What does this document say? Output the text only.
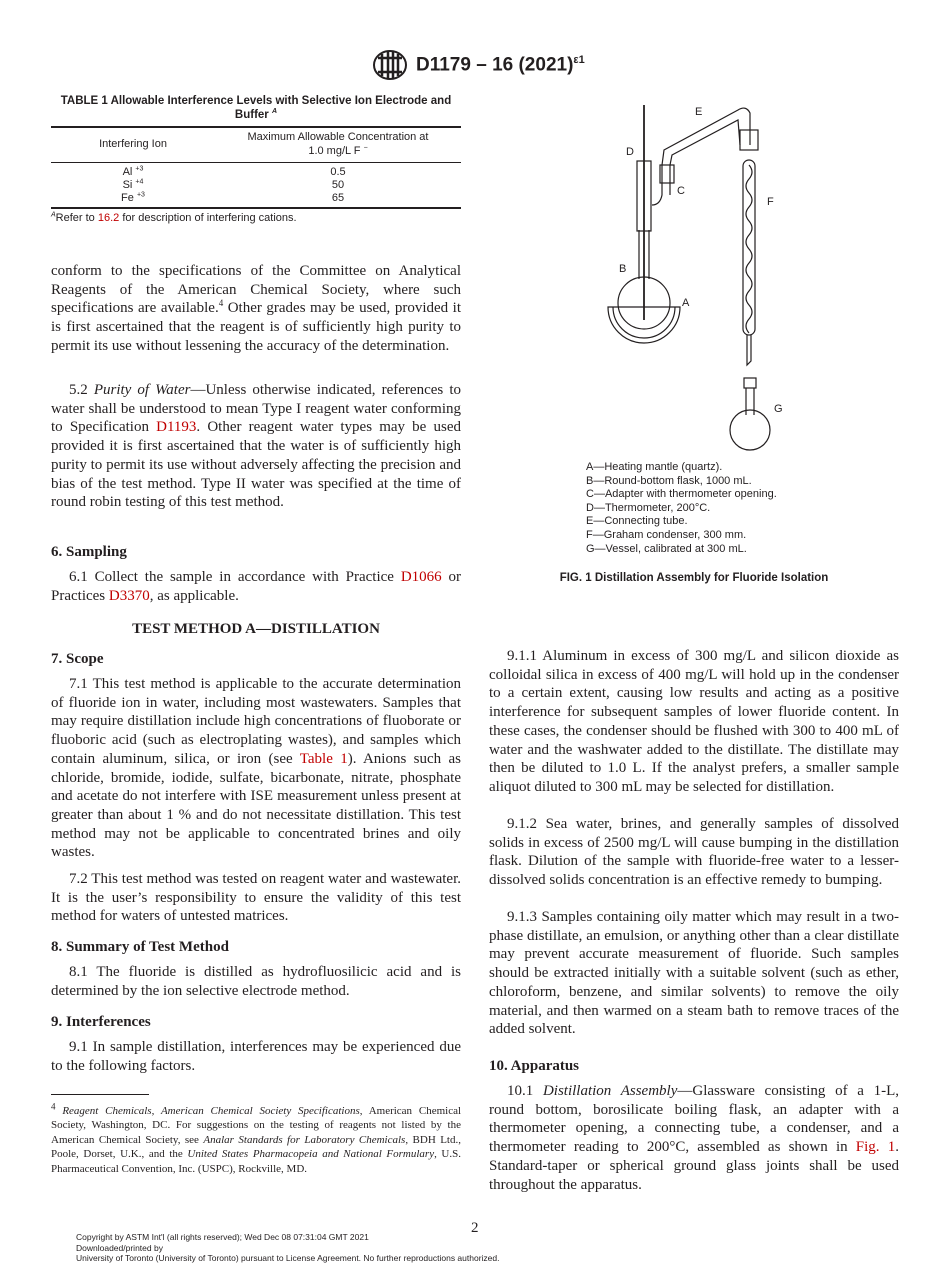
D1179 – 16 $(2021)^{\varepsilon 1}$
TABLE 1 Allowable Interference Levels with Selective Ion Electrode and Buffer $^A$
Interfering Ion	Maximum Allowable Concentration at
1.0 mg/L F −
Al $^{+3}$	0.5
Si $^{+4}$	50
Fe $^{+3}$	65
$^A$Refer to 16.2 for description of interfering cations.
conform to the specifications of the Committee on Analytical Reagents of the American Chemical Society, where such specifications are available.$^4$ Other grades may be used, provided it is first ascertained that the reagent is of sufficiently high purity to permit its use without lessening the accuracy of the determination.
5.2 Purity of Water—Unless otherwise indicated, references to water shall be understood to mean Type I reagent water conforming to Specification D1193. Other reagent water types may be used provided it is first ascertained that the water is of sufficiently high purity to permit its use without adversely affecting the precision and bias of the test method. Type II water was specified at the time of round robin testing of this test method.
6. Sampling
6.1 Collect the sample in accordance with Practice D1066 or Practices D3370, as applicable.
TEST METHOD A—DISTILLATION
7. Scope
7.1 This test method is applicable to the accurate determination of fluoride ion in water, including most wastewaters. Samples that may require distillation include high concentrations of fluoborate or fluoboric acid (such as electroplating wastes), and samples which contain aluminum, silica, or iron (see Table 1). Anions such as chloride, bromide, iodide, sulfate, bicarbonate, nitrate, phosphate and acetate do not interfere with ISE measurement unless present at greater than about 1 % and do not necessitate distillation. This test method may not be applicable to concentrated brines and oily wastes.
7.2 This test method was tested on reagent water and wastewater. It is the user’s responsibility to ensure the validity of this test method for waters of untested matrices.
8. Summary of Test Method
8.1 The fluoride is distilled as hydrofluosilicic acid and is determined by the ion selective electrode method.
9. Interferences
9.1 In sample distillation, interferences may be experienced due to the following factors.
9.1.1 Aluminum in excess of 300 mg/L and silicon dioxide as colloidal silica in excess of 400 mg/L will hold up in the condenser to a certain extent, causing low results and acting as a positive interference for subsequent samples of lower fluoride content. In these cases, the condenser should be flushed with 300 to 400 mL of water and the washwater added to the distillate. The distillate may then be diluted to 1.0 L. If the analyst prefers, a smaller sample aliquot diluted to 300 mL may be selected for distillation.
9.1.2 Sea water, brines, and generally samples of dissolved solids in excess of 2500 mg/L will cause bumping in the distillation flask. Dilution of the sample with fluoride-free water to a lesser-dissolved solids concentration is an effective remedy to bumping.
9.1.3 Samples containing oily matter which may result in a two-phase distillate, an emulsion, or anything other than a clear distillate may prevent accurate measurement of fluoride. Such samples should be extracted initially with a suitable solvent (such as ether, chloroform, benzene, and similar solvents) to remove the oily material, and then warmed on a steam bath to remove traces of the added solvent.
10. Apparatus
10.1 Distillation Assembly—Glassware consisting of a 1-L, round bottom, borosilicate boiling flask, an adapter with a thermometer opening, a connecting tube, a condenser, and a thermometer reading to 200°C, assembled as shown in Fig. 1. Standard-taper or spherical ground glass joints shall be used throughout the apparatus.
A
B
C
D
E
F
G
A—Heating mantle (quartz).
B—Round-bottom flask, 1000 mL.
C—Adapter with thermometer opening.
D—Thermometer, 200°C.
E—Connecting tube.
F—Graham condenser, 300 mm.
G—Vessel, calibrated at 300 mL.
FIG. 1 Distillation Assembly for Fluoride Isolation
$^4$ Reagent Chemicals, American Chemical Society Specifications, American Chemical Society, Washington, DC. For suggestions on the testing of reagents not listed by the American Chemical Society, see Analar Standards for Laboratory Chemicals, BDH Ltd., Poole, Dorset, U.K., and the United States Pharmacopeia and National Formulary, U.S. Pharmaceutical Convention, Inc. (USPC), Rockville, MD.
2
Copyright by ASTM Int'l (all rights reserved); Wed Dec 08 07:31:04 GMT 2021
Downloaded/printed by
University of Toronto (University of Toronto) pursuant to License Agreement. No further reproductions authorized.
